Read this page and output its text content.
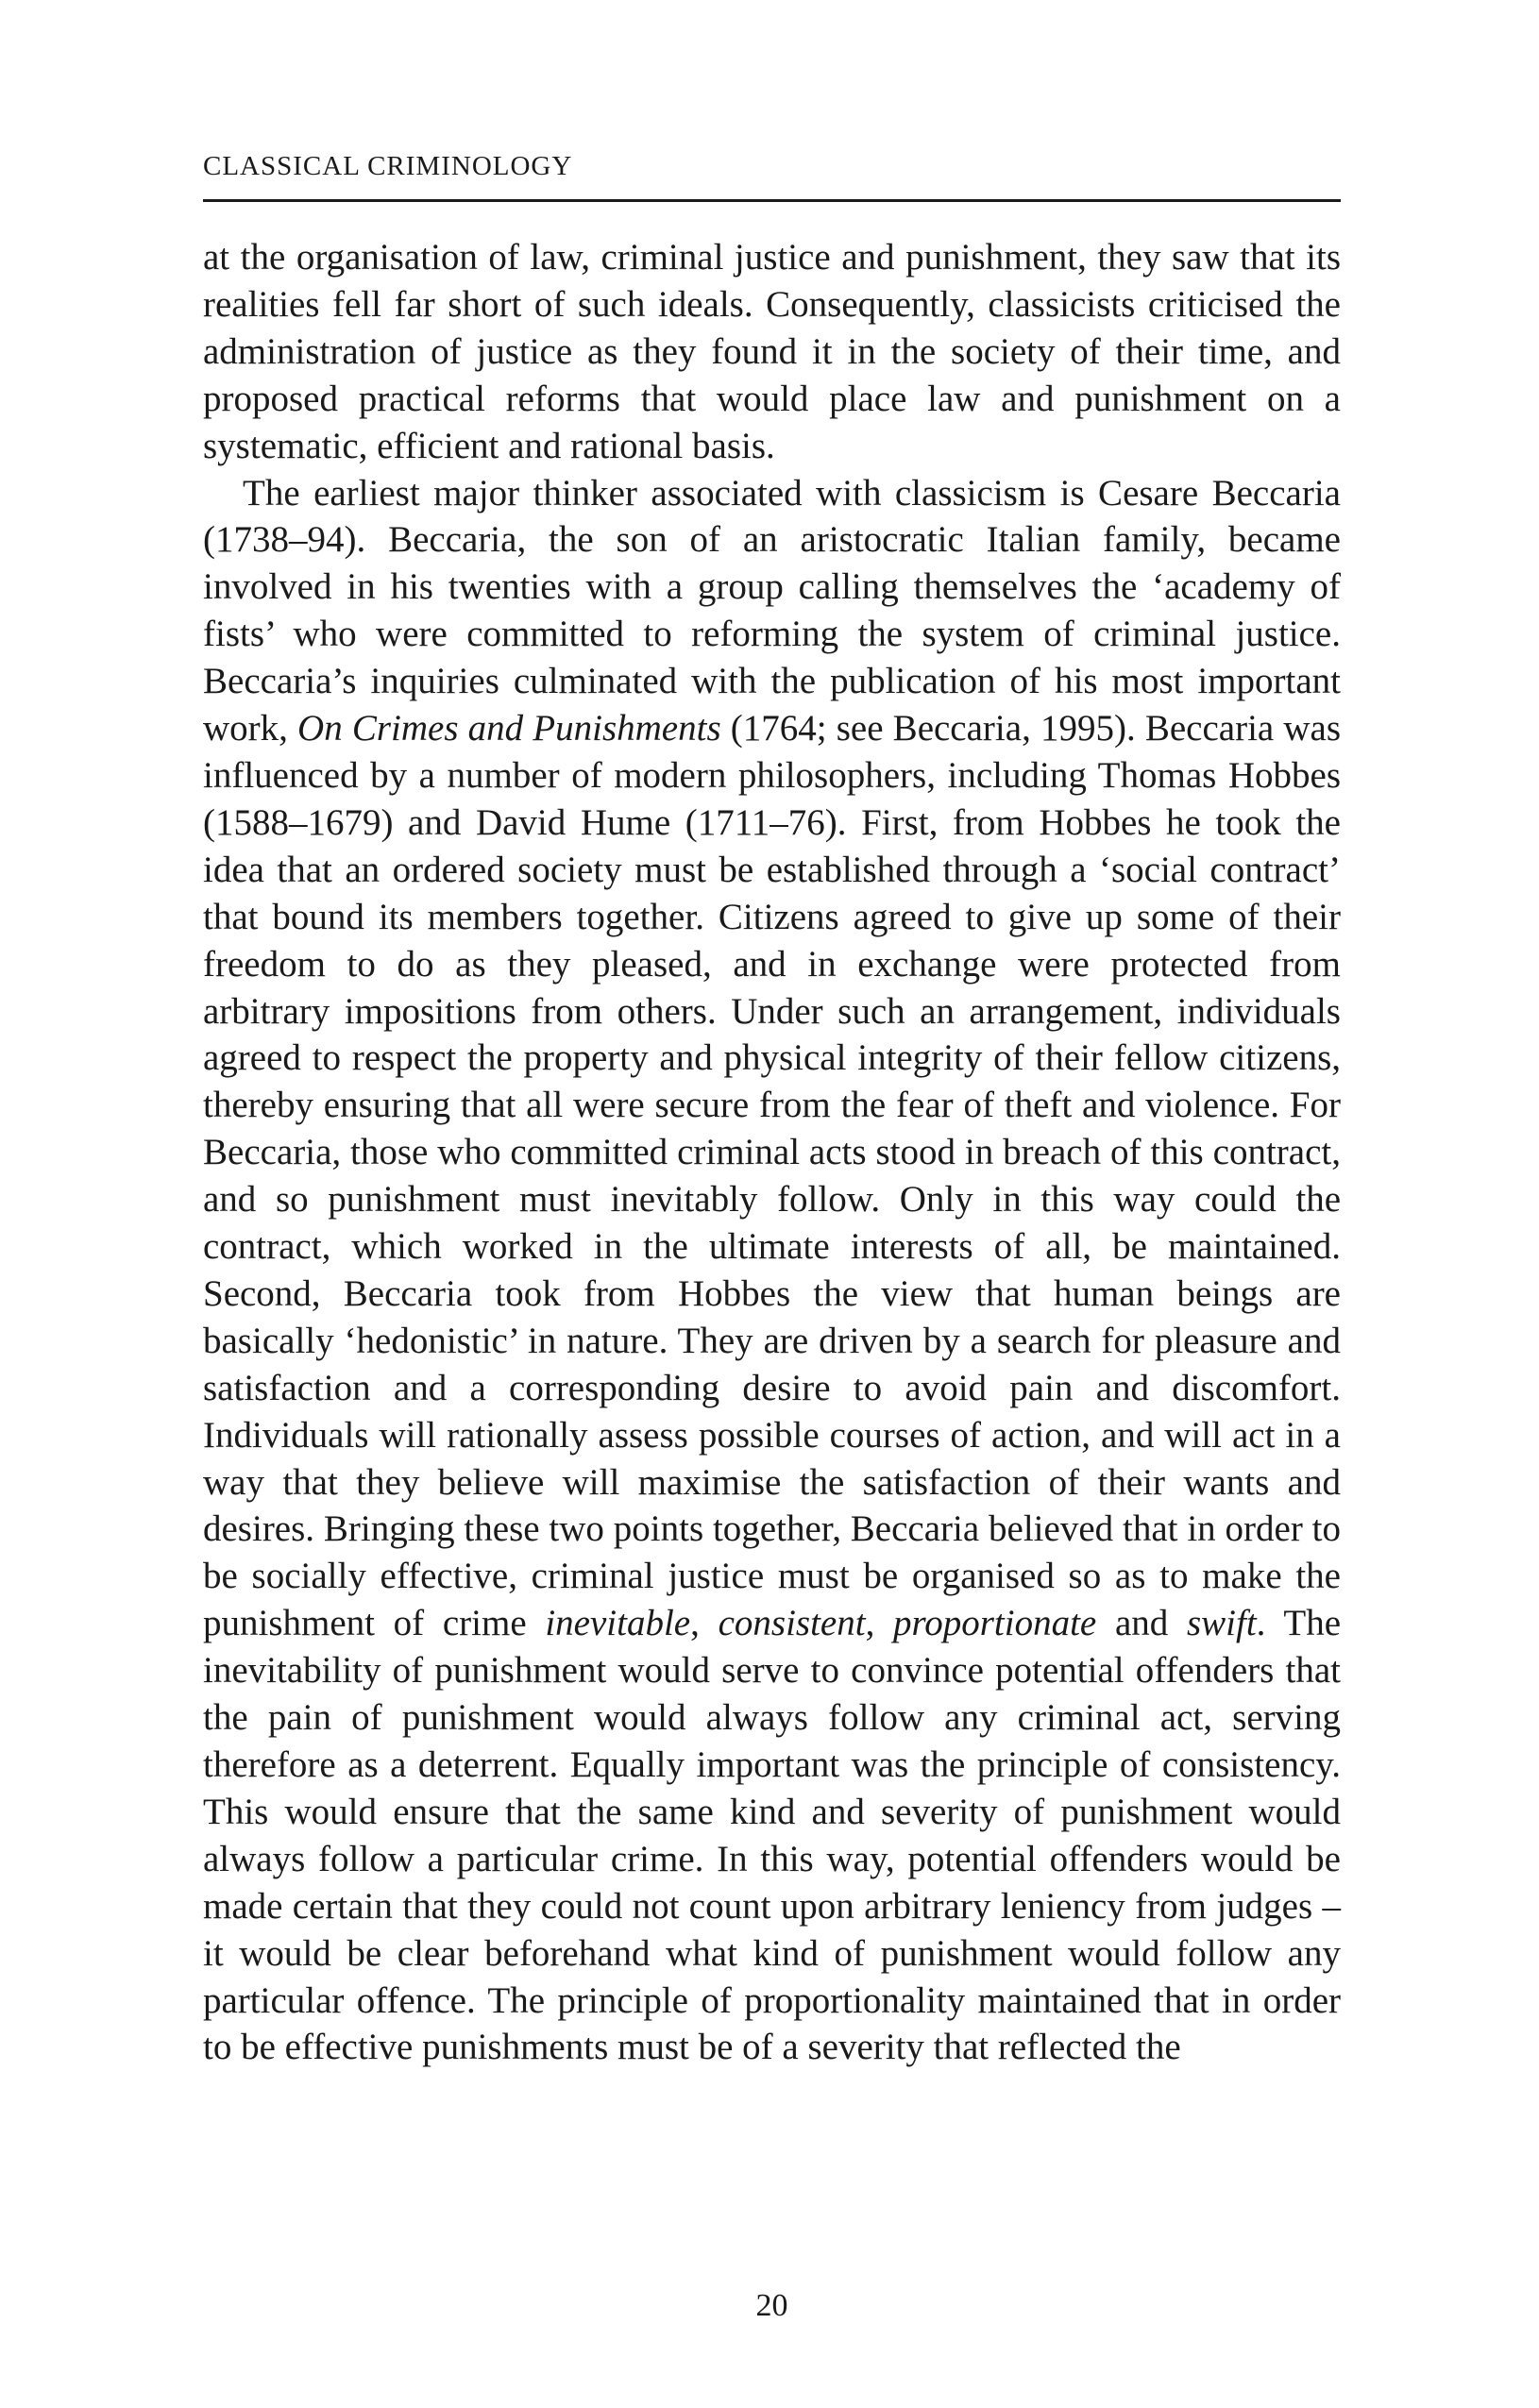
CLASSICAL CRIMINOLOGY

at the organisation of law, criminal justice and punishment, they saw that its realities fell far short of such ideals. Consequently, classicists criticised the administration of justice as they found it in the society of their time, and proposed practical reforms that would place law and punishment on a systematic, efficient and rational basis.

The earliest major thinker associated with classicism is Cesare Beccaria (1738–94). Beccaria, the son of an aristocratic Italian family, became involved in his twenties with a group calling themselves the ‘academy of fists’ who were committed to reforming the system of criminal justice. Beccaria’s inquiries culminated with the publication of his most important work, On Crimes and Punishments (1764; see Beccaria, 1995). Beccaria was influenced by a number of modern philosophers, including Thomas Hobbes (1588–1679) and David Hume (1711–76). First, from Hobbes he took the idea that an ordered society must be established through a ‘social contract’ that bound its members together. Citizens agreed to give up some of their freedom to do as they pleased, and in exchange were protected from arbitrary impositions from others. Under such an arrangement, individuals agreed to respect the property and physical integrity of their fellow citizens, thereby ensuring that all were secure from the fear of theft and violence. For Beccaria, those who committed criminal acts stood in breach of this contract, and so punishment must inevitably follow. Only in this way could the contract, which worked in the ultimate interests of all, be maintained. Second, Beccaria took from Hobbes the view that human beings are basically ‘hedonistic’ in nature. They are driven by a search for pleasure and satisfaction and a corresponding desire to avoid pain and discomfort. Individuals will rationally assess possible courses of action, and will act in a way that they believe will maximise the satisfaction of their wants and desires. Bringing these two points together, Beccaria believed that in order to be socially effective, criminal justice must be organised so as to make the punishment of crime inevitable, consistent, proportionate and swift. The inevitability of punishment would serve to convince potential offenders that the pain of punishment would always follow any criminal act, serving therefore as a deterrent. Equally important was the principle of consistency. This would ensure that the same kind and severity of punishment would always follow a particular crime. In this way, potential offenders would be made certain that they could not count upon arbitrary leniency from judges – it would be clear beforehand what kind of punishment would follow any particular offence. The principle of proportionality maintained that in order to be effective punishments must be of a severity that reflected the

20
